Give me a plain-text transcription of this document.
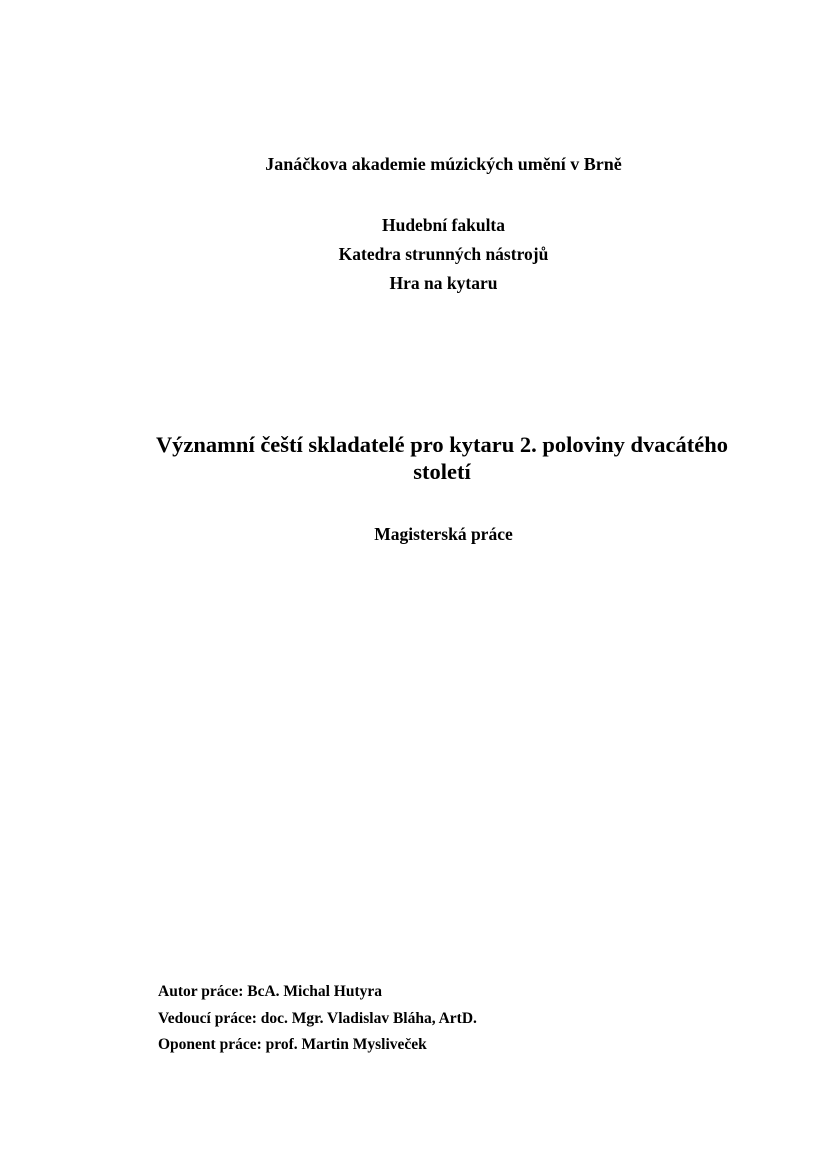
Janáčkova akademie múzických umění v Brně
Hudební fakulta
Katedra strunných nástrojů
Hra na kytaru
Významní čeští skladatelé pro kytaru 2. poloviny dvacátého století
Magisterská práce
Autor práce: BcA. Michal Hutyra
Vedoucí práce: doc. Mgr. Vladislav Bláha, ArtD.
Oponent práce: prof. Martin Mysliveček
